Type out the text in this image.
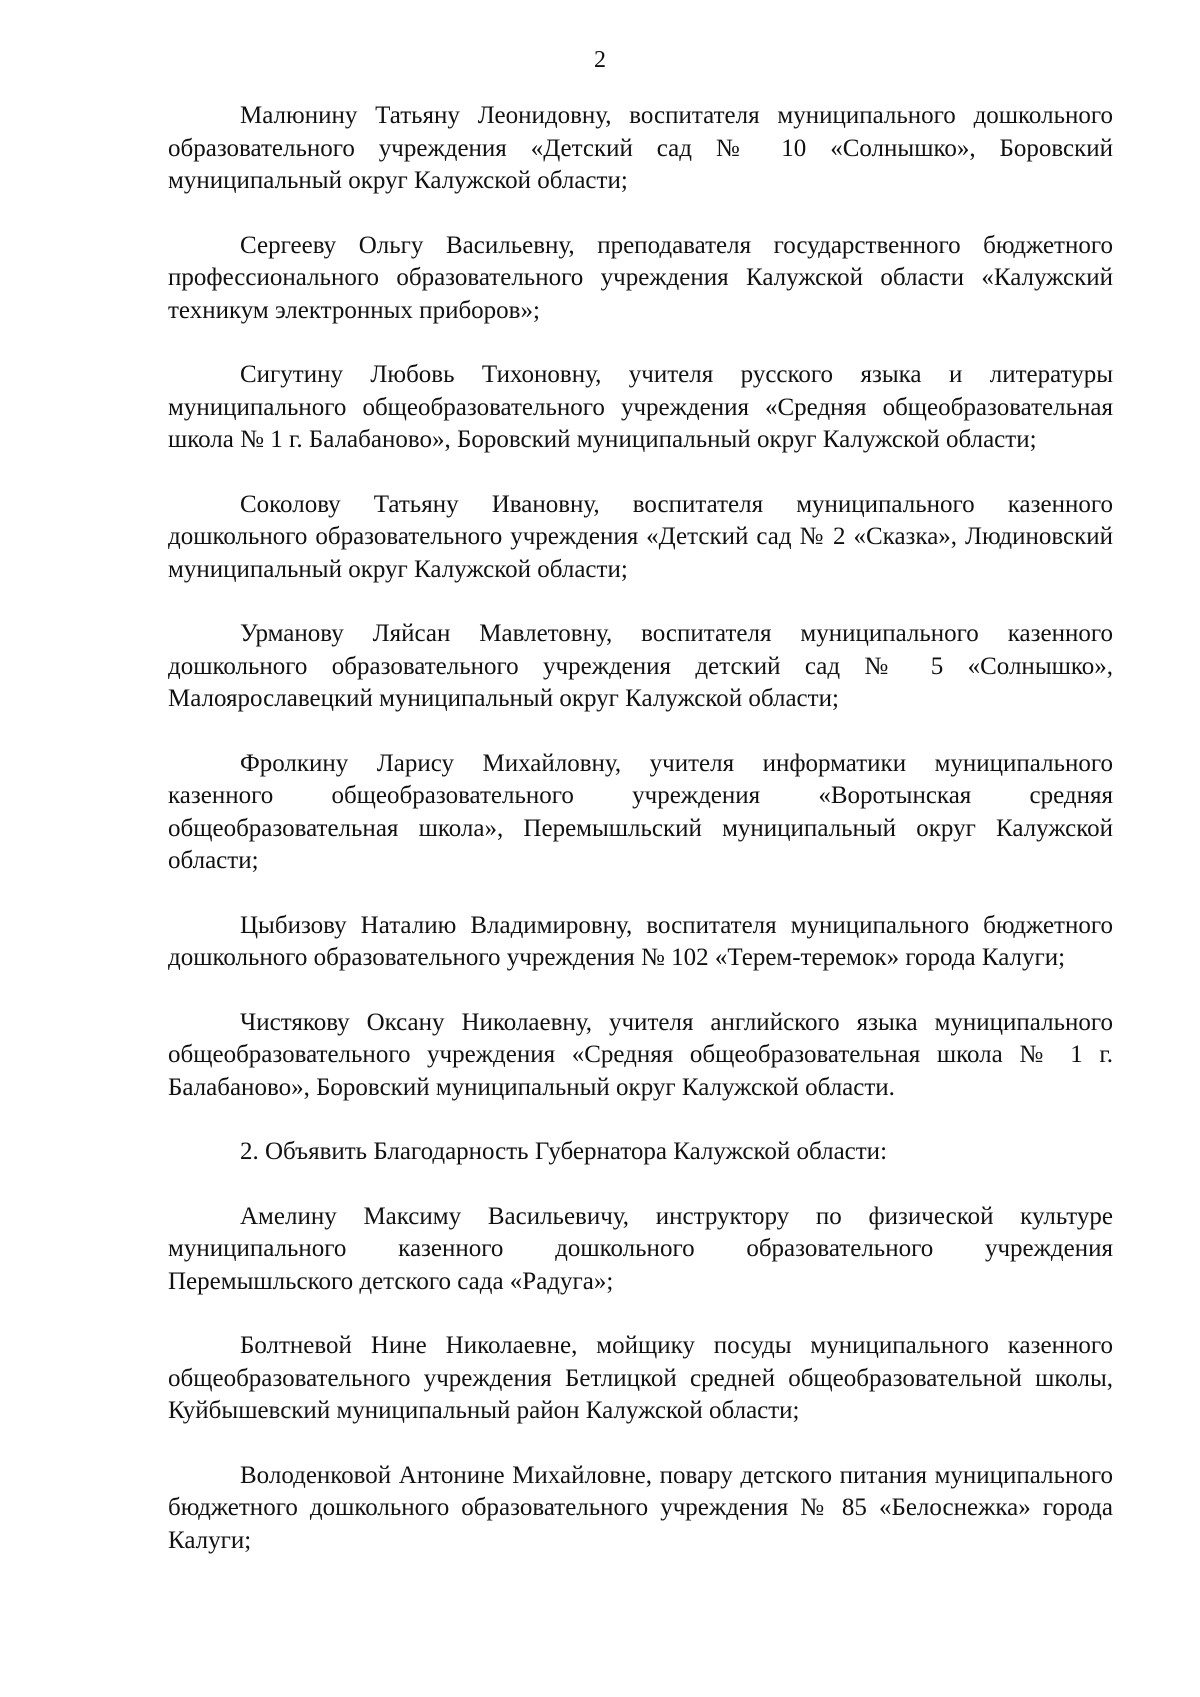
2

Малюнину Татьяну Леонидовну, воспитателя муниципального дошкольного образовательного учреждения «Детский сад № 10 «Солнышко», Боровский муниципальный округ Калужской области;

Сергееву Ольгу Васильевну, преподавателя государственного бюджетного профессионального образовательного учреждения Калужской области «Калужский техникум электронных приборов»;

Сигутину Любовь Тихоновну, учителя русского языка и литературы муниципального общеобразовательного учреждения «Средняя общеобразовательная школа № 1 г. Балабаново», Боровский муниципальный округ Калужской области;

Соколову Татьяну Ивановну, воспитателя муниципального казенного дошкольного образовательного учреждения «Детский сад № 2 «Сказка», Людиновский муниципальный округ Калужской области;

Урманову Ляйсан Мавлетовну, воспитателя муниципального казенного дошкольного образовательного учреждения детский сад № 5 «Солнышко», Малоярославецкий муниципальный округ Калужской области;

Фролкину Ларису Михайловну, учителя информатики муниципального казенного общеобразовательного учреждения «Воротынская средняя общеобразовательная школа», Перемышльский муниципальный округ Калужской области;

Цыбизову Наталию Владимировну, воспитателя муниципального бюджетного дошкольного образовательного учреждения № 102 «Терем-теремок» города Калуги;

Чистякову Оксану Николаевну, учителя английского языка муниципального общеобразовательного учреждения «Средняя общеобразовательная школа № 1 г. Балабаново», Боровский муниципальный округ Калужской области.

2. Объявить Благодарность Губернатора Калужской области:

Амелину Максиму Васильевичу, инструктору по физической культуре муниципального казенного дошкольного образовательного учреждения Перемышльского детского сада «Радуга»;

Болтневой Нине Николаевне, мойщику посуды муниципального казенного общеобразовательного учреждения Бетлицкой средней общеобразовательной школы, Куйбышевский муниципальный район Калужской области;

Володенковой Антонине Михайловне, повару детского питания муниципального бюджетного дошкольного образовательного учреждения № 85 «Белоснежка» города Калуги;
